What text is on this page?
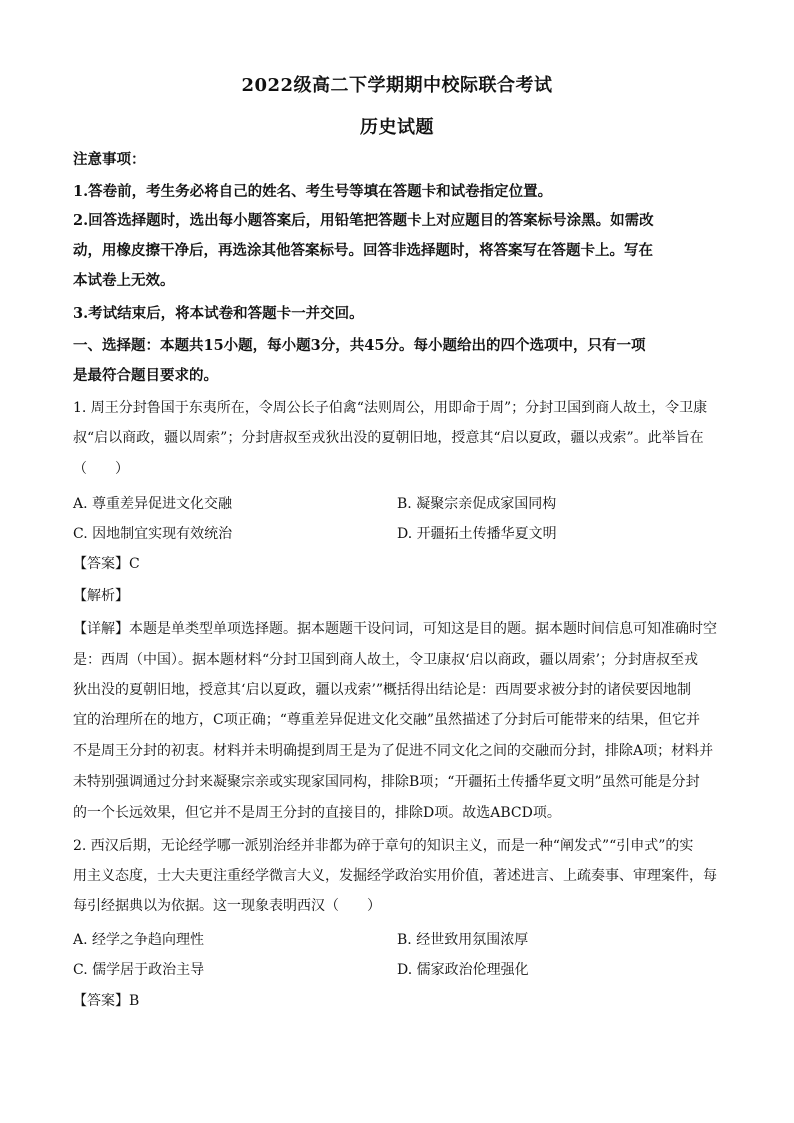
2022级高二下学期期中校际联合考试
历史试题
注意事项：
1.答卷前，考生务必将自己的姓名、考生号等填在答题卡和试卷指定位置。
2.回答选择题时，选出每小题答案后，用铅笔把答题卡上对应题目的答案标号涂黑。如需改
动，用橡皮擦干净后，再选涂其他答案标号。回答非选择题时，将答案写在答题卡上。写在
本试卷上无效。
3.考试结束后，将本试卷和答题卡一并交回。
一、选择题：本题共15小题，每小题3分，共45分。每小题给出的四个选项中，只有一项
是最符合题目要求的。
1. 周王分封鲁国于东夷所在，令周公长子伯禽“法则周公，用即命于周”；分封卫国到商人故土，令卫康
叔“启以商政，疆以周索”；分封唐叔至戎狄出没的夏朝旧地，授意其“启以夏政，疆以戎索”。此举旨在
（　　）
A. 尊重差异促进文化交融	B. 凝聚宗亲促成家国同构
C. 因地制宜实现有效统治	D. 开疆拓土传播华夏文明
【答案】C
【解析】
【详解】本题是单类型单项选择题。据本题题干设问词，可知这是目的题。据本题时间信息可知准确时空
是：西周（中国）。据本题材料“分封卫国到商人故土，令卫康叔‘启以商政，疆以周索’；分封唐叔至戎
狄出没的夏朝旧地，授意其‘启以夏政，疆以戎索’”概括得出结论是：西周要求被分封的诸侯要因地制
宜的治理所在的地方，C项正确；“尊重差异促进文化交融”虽然描述了分封后可能带来的结果，但它并
不是周王分封的初衷。材料并未明确提到周王是为了促进不同文化之间的交融而分封，排除A项；材料并
未特别强调通过分封来凝聚宗亲或实现家国同构，排除B项；“开疆拓土传播华夏文明”虽然可能是分封
的一个长远效果，但它并不是周王分封的直接目的，排除D项。故选ABCD项。
2. 西汉后期，无论经学哪一派别治经并非都为碎于章句的知识主义，而是一种“阐发式”“引申式”的实
用主义态度，士大夫更注重经学微言大义，发掘经学政治实用价值，著述进言、上疏奏事、审理案件，每
每引经据典以为依据。这一现象表明西汉（　　）
A. 经学之争趋向理性	B. 经世致用氛围浓厚
C. 儒学居于政治主导	D. 儒家政治伦理强化
【答案】B
